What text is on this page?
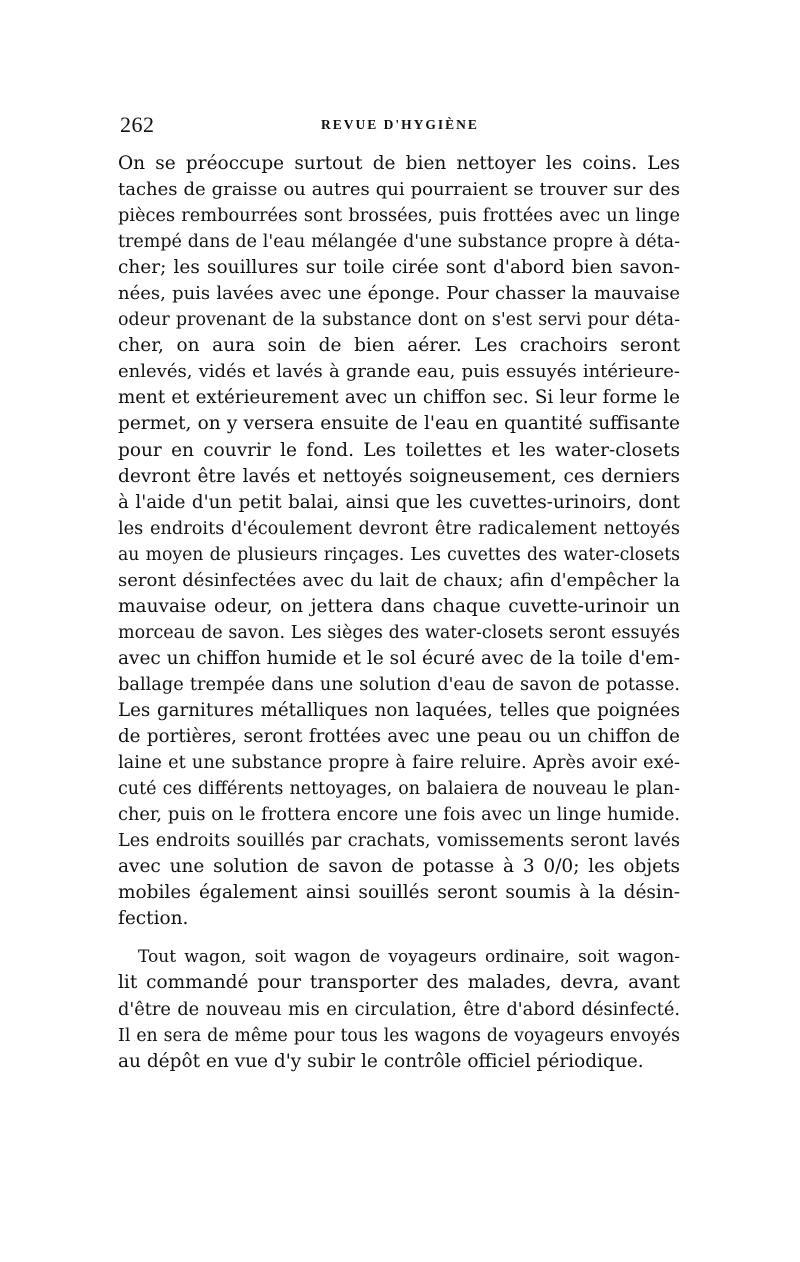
262	REVUE D'HYGIÈNE
On se préoccupe surtout de bien nettoyer les coins. Les
taches de graisse ou autres qui pourraient se trouver sur des
pièces rembourrées sont brossées, puis frottées avec un linge
trempé dans de l'eau mélangée d'une substance propre à déta-
cher; les souillures sur toile cirée sont d'abord bien savon-
nées, puis lavées avec une éponge. Pour chasser la mauvaise
odeur provenant de la substance dont on s'est servi pour déta-
cher, on aura soin de bien aérer. Les crachoirs seront
enlevés, vidés et lavés à grande eau, puis essuyés intérieure-
ment et extérieurement avec un chiffon sec. Si leur forme le
permet, on y versera ensuite de l'eau en quantité suffisante
pour en couvrir le fond. Les toilettes et les water-closets
devront être lavés et nettoyés soigneusement, ces derniers
à l'aide d'un petit balai, ainsi que les cuvettes-urinoirs, dont
les endroits d'écoulement devront être radicalement nettoyés
au moyen de plusieurs rinçages. Les cuvettes des water-closets
seront désinfectées avec du lait de chaux; afin d'empêcher la
mauvaise odeur, on jettera dans chaque cuvette-urinoir un
morceau de savon. Les sièges des water-closets seront essuyés
avec un chiffon humide et le sol écuré avec de la toile d'em-
ballage trempée dans une solution d'eau de savon de potasse.
Les garnitures métalliques non laquées, telles que poignées
de portières, seront frottées avec une peau ou un chiffon de
laine et une substance propre à faire reluire. Après avoir exé-
cuté ces différents nettoyages, on balaiera de nouveau le plan-
cher, puis on le frottera encore une fois avec un linge humide.
Les endroits souillés par crachats, vomissements seront lavés
avec une solution de savon de potasse à 3 0/0; les objets
mobiles également ainsi souillés seront soumis à la désin-
fection.
Tout wagon, soit wagon de voyageurs ordinaire, soit wagon-
lit commandé pour transporter des malades, devra, avant
d'être de nouveau mis en circulation, être d'abord désinfecté.
Il en sera de même pour tous les wagons de voyageurs envoyés
au dépôt en vue d'y subir le contrôle officiel périodique.
